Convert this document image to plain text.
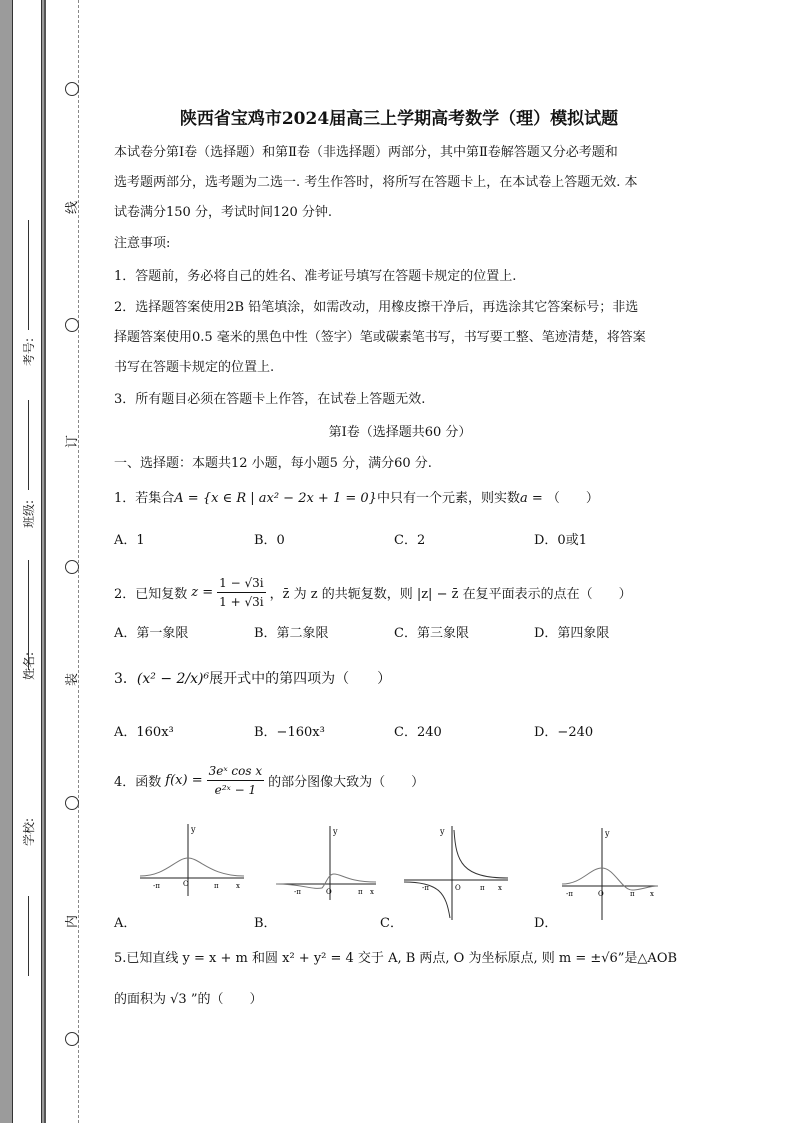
学校:
姓名:
班级:
考号:
线
订
装
内
陕西省宝鸡市2024届高三上学期高考数学（理）模拟试题
本试卷分第Ⅰ卷（选择题）和第Ⅱ卷（非选择题）两部分，其中第Ⅱ卷解答题又分必考题和
选考题两部分，选考题为二选一. 考生作答时，将所写在答题卡上，在本试卷上答题无效. 本
试卷满分150 分，考试时间120 分钟.
注意事项:
1．答题前，务必将自己的姓名、准考证号填写在答题卡规定的位置上.
2．选择题答案使用2B 铅笔填涂，如需改动，用橡皮擦干净后，再选涂其它答案标号；非选
择题答案使用0.5 毫米的黑色中性（签字）笔或碳素笔书写，书写要工整、笔迹清楚，将答案
书写在答题卡规定的位置上.
3．所有题目必须在答题卡上作答，在试卷上答题无效.
第Ⅰ卷（选择题共60 分）
一、选择题：本题共12 小题，每小题5 分，满分60 分.
1．若集合A = {x ∈ R | ax² − 2x + 1 = 0}中只有一个元素，则实数a = （　　）
A．1	B．0	C．2	D．0或1
2．已知复数 $z = \frac{1 - √3i}{1 + √3i}$ ，z̄ 为 z 的共轭复数，则 |z| − z̄ 在复平面表示的点在（　　）
A．第一象限	B．第二象限	C．第三象限	D．第四象限
3．(x² − 2/x)⁶展开式中的第四项为（　　）
A．160x³	B．−160x³	C．240	D．−240
4．函数 $f(x) = \frac{\text{3eˣ cos x}}{\text{e²ˣ − 1}}$ 的部分图像大致为（　　）
y
-π	O	π x
y
-π	O	π x
y
-π	O	π x
y
-π	O	π x
A．	B．	C．	D．
5.已知直线 y = x + m 和圆 x² + y² = 4 交于 A, B 两点, O 为坐标原点, 则 m = ±√6”是△AOB
的面积为 √3 ”的（　　）
